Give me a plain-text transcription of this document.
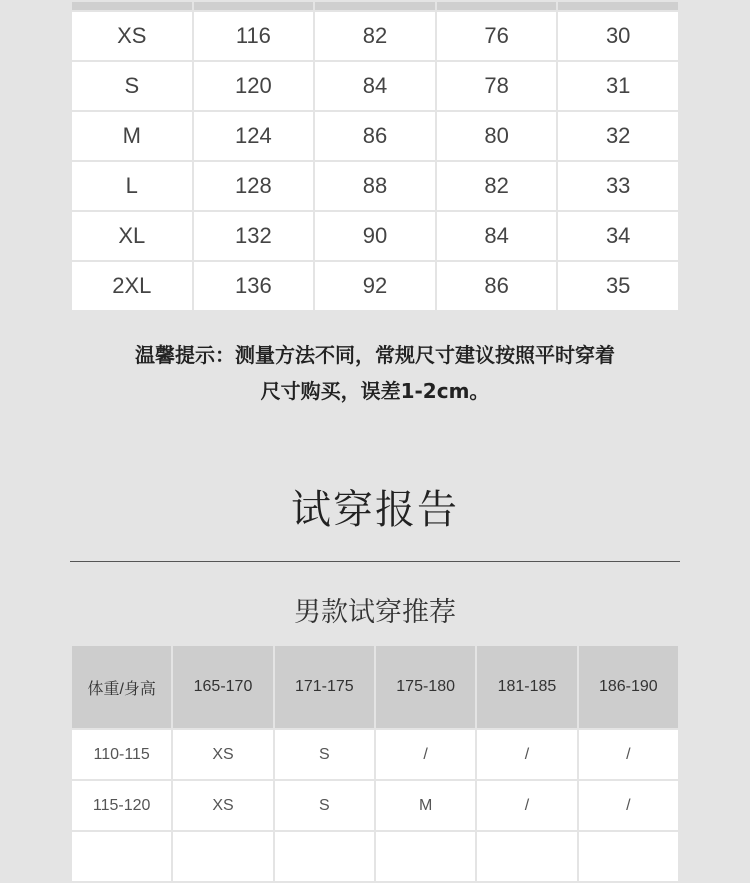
XS	116	82	76	30
S	120	84	78	31
M	124	86	80	32
L	128	88	82	33
XL	132	90	84	34
2XL	136	92	86	35
温馨提示：测量方法不同，常规尺寸建议按照平时穿着
尺寸购买，误差1-2cm。
试穿报告
男款试穿推荐
体重/身高	165-170	171-175	175-180	181-185	186-190
110-115	XS	S	/	/	/
115-120	XS	S	M	/	/
